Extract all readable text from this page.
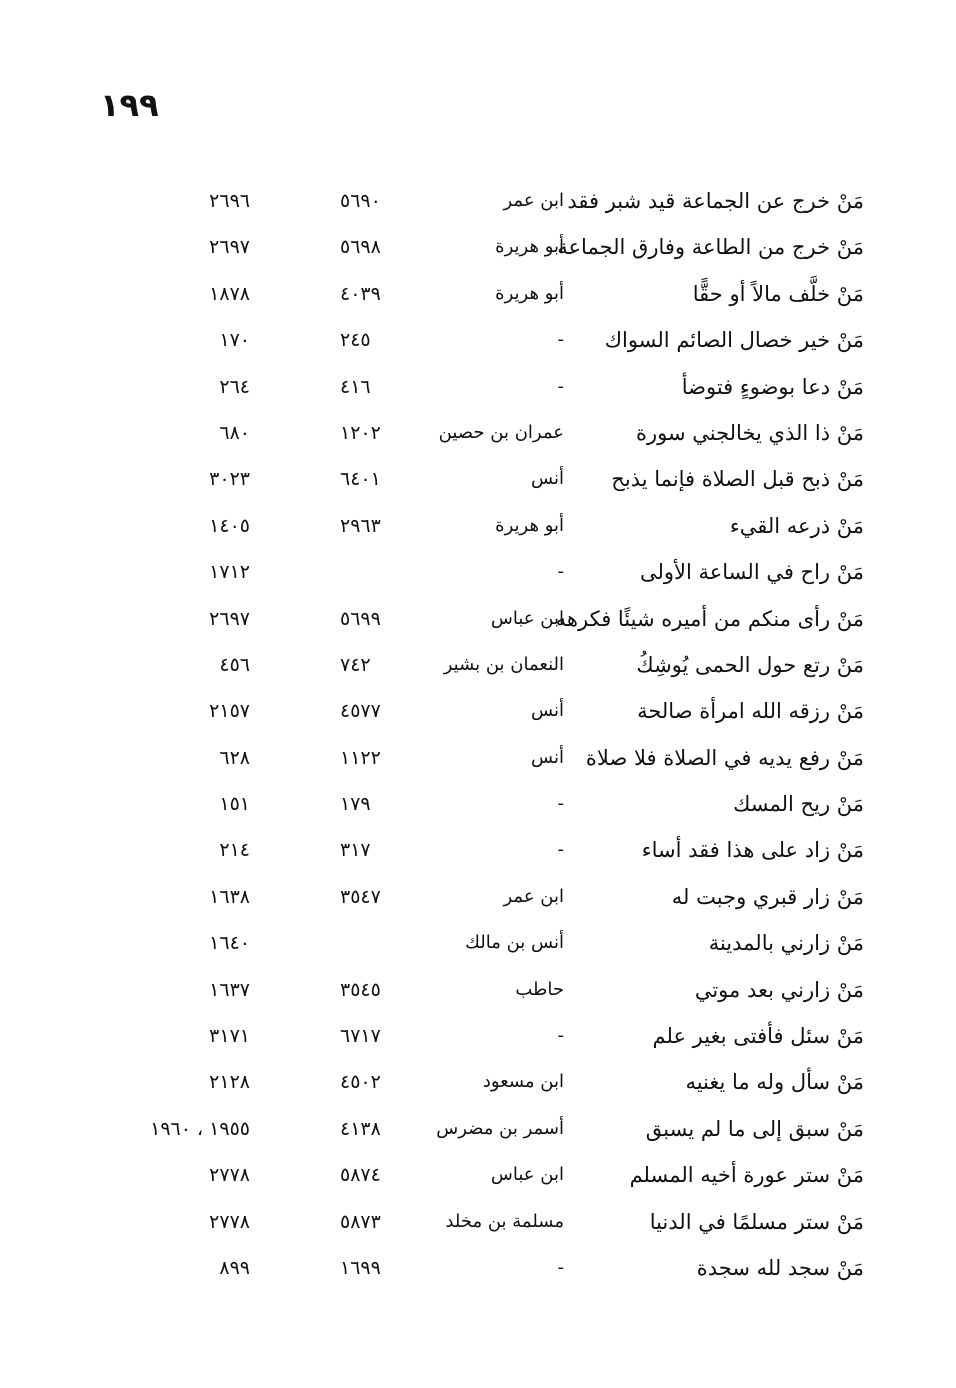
١٩٩
مَنْ خرج عن الجماعة قيد شبر فقد
ابن عمر
٥٦٩٠
٢٦٩٦
مَنْ خرج من الطاعة وفارق الجماعة
أبو هريرة
٥٦٩٨
٢٦٩٧
مَنْ خلَّف مالاً أو حقًّا
أبو هريرة
٤٠٣٩
١٨٧٨
مَنْ خير خصال الصائم السواك
-
٢٤٥
١٧٠
مَنْ دعا بوضوءٍ فتوضأ
-
٤١٦
٢٦٤
مَنْ ذا الذي يخالجني سورة
عمران بن حصين
١٢٠٢
٦٨٠
مَنْ ذبح قبل الصلاة فإنما يذبح
أنس
٦٤٠١
٣٠٢٣
مَنْ ذرعه القيء
أبو هريرة
٢٩٦٣
١٤٠٥
مَنْ راح في الساعة الأولى
-
١٧١٢
مَنْ رأى منكم من أميره شيئًا فكرهه
ابن عباس
٥٦٩٩
٢٦٩٧
مَنْ رتع حول الحمى يُوشِكُ
النعمان بن بشير
٧٤٢
٤٥٦
مَنْ رزقه الله امرأة صالحة
أنس
٤٥٧٧
٢١٥٧
مَنْ رفع يديه في الصلاة فلا صلاة
أنس
١١٢٢
٦٢٨
مَنْ ريح المسك
-
١٧٩
١٥١
مَنْ زاد على هذا فقد أساء
-
٣١٧
٢١٤
مَنْ زار قبري وجبت له
ابن عمر
٣٥٤٧
١٦٣٨
مَنْ زارني بالمدينة
أنس بن مالك
١٦٤٠
مَنْ زارني بعد موتي
حاطب
٣٥٤٥
١٦٣٧
مَنْ سئل فأفتى بغير علم
-
٦٧١٧
٣١٧١
مَنْ سأل وله ما يغنيه
ابن مسعود
٤٥٠٢
٢١٢٨
مَنْ سبق إلى ما لم يسبق
أسمر بن مضرس
٤١٣٨
١٩٥٥ ، ١٩٦٠
مَنْ ستر عورة أخيه المسلم
ابن عباس
٥٨٧٤
٢٧٧٨
مَنْ ستر مسلمًا في الدنيا
مسلمة بن مخلد
٥٨٧٣
٢٧٧٨
مَنْ سجد لله سجدة
-
١٦٩٩
٨٩٩
